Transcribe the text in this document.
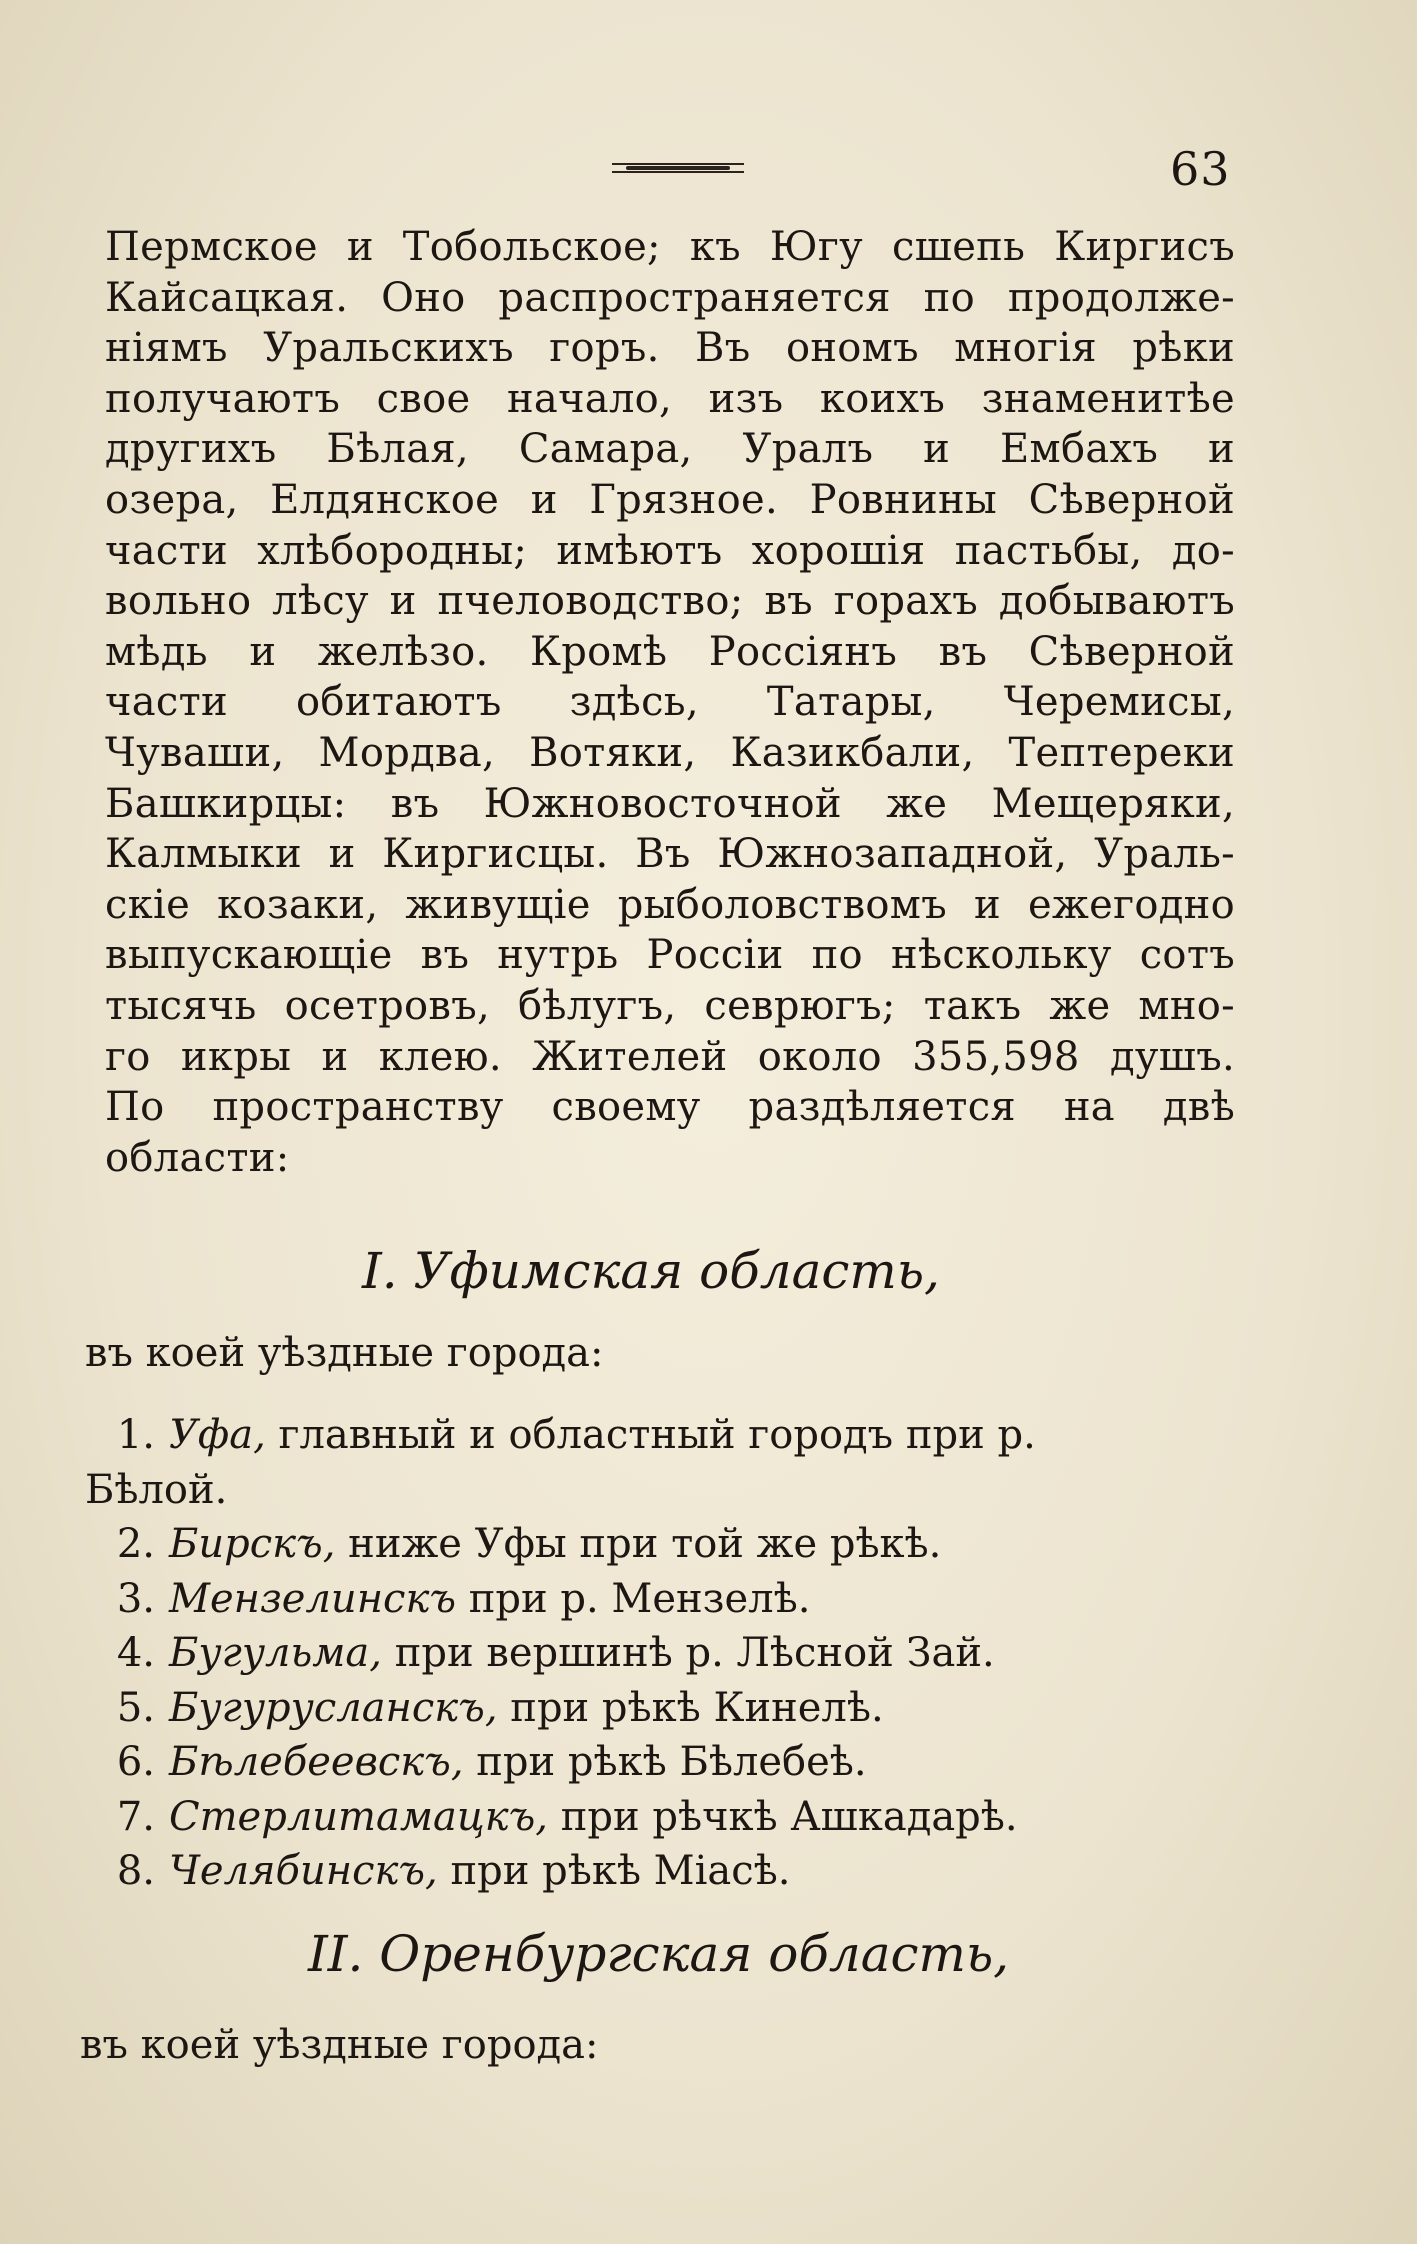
63
Пермское и Тобольское; къ Югу сшепь Киргисъ
Кайсацкая. Оно распространяется по продолже-
ніямъ Уральскихъ горъ. Въ ономъ многія рѣки
получаютъ свое начало, изъ коихъ знаменитѣе
другихъ Бѣлая, Самара, Уралъ и Ембахъ и
озера, Елдянское и Грязное. Ровнины Сѣверной
части хлѣбородны; имѣютъ хорошія пастьбы, до-
вольно лѣсу и пчеловодство; въ горахъ добываютъ
мѣдь и желѣзо. Кромѣ Россіянъ въ Сѣверной
части обитаютъ здѣсь, Татары, Черемисы,
Чуваши, Мордва, Вотяки, Казикбали, Тептереки
Башкирцы: въ Южновосточной же Мещеряки,
Калмыки и Киргисцы. Въ Южнозападной, Ураль-
скіе козаки, живущіе рыболовствомъ и ежегодно
выпускающіе въ нутрь Россіи по нѣскольку сотъ
тысячь осетровъ, бѣлугъ, севрюгъ; такъ же мно-
го икры и клею. Жителей около 355,598 душъ.
По пространству своему раздѣляется на двѣ
области:
I. Уфимская область,
въ коей уѣздные города:
1. Уфа, главный и областный городъ при р.
Бѣлой.
2. Бирскъ, ниже Уфы при той же рѣкѣ.
3. Мензелинскъ при р. Мензелѣ.
4. Бугульма, при вершинѣ р. Лѣсной Зай.
5. Бугурусланскъ, при рѣкѣ Кинелѣ.
6. Бѣлебеевскъ, при рѣкѣ Бѣлебеѣ.
7. Стерлитамацкъ, при рѣчкѣ Ашкадарѣ.
8. Челябинскъ, при рѣкѣ Міасѣ.
II. Оренбургская область,
въ коей уѣздные города:
